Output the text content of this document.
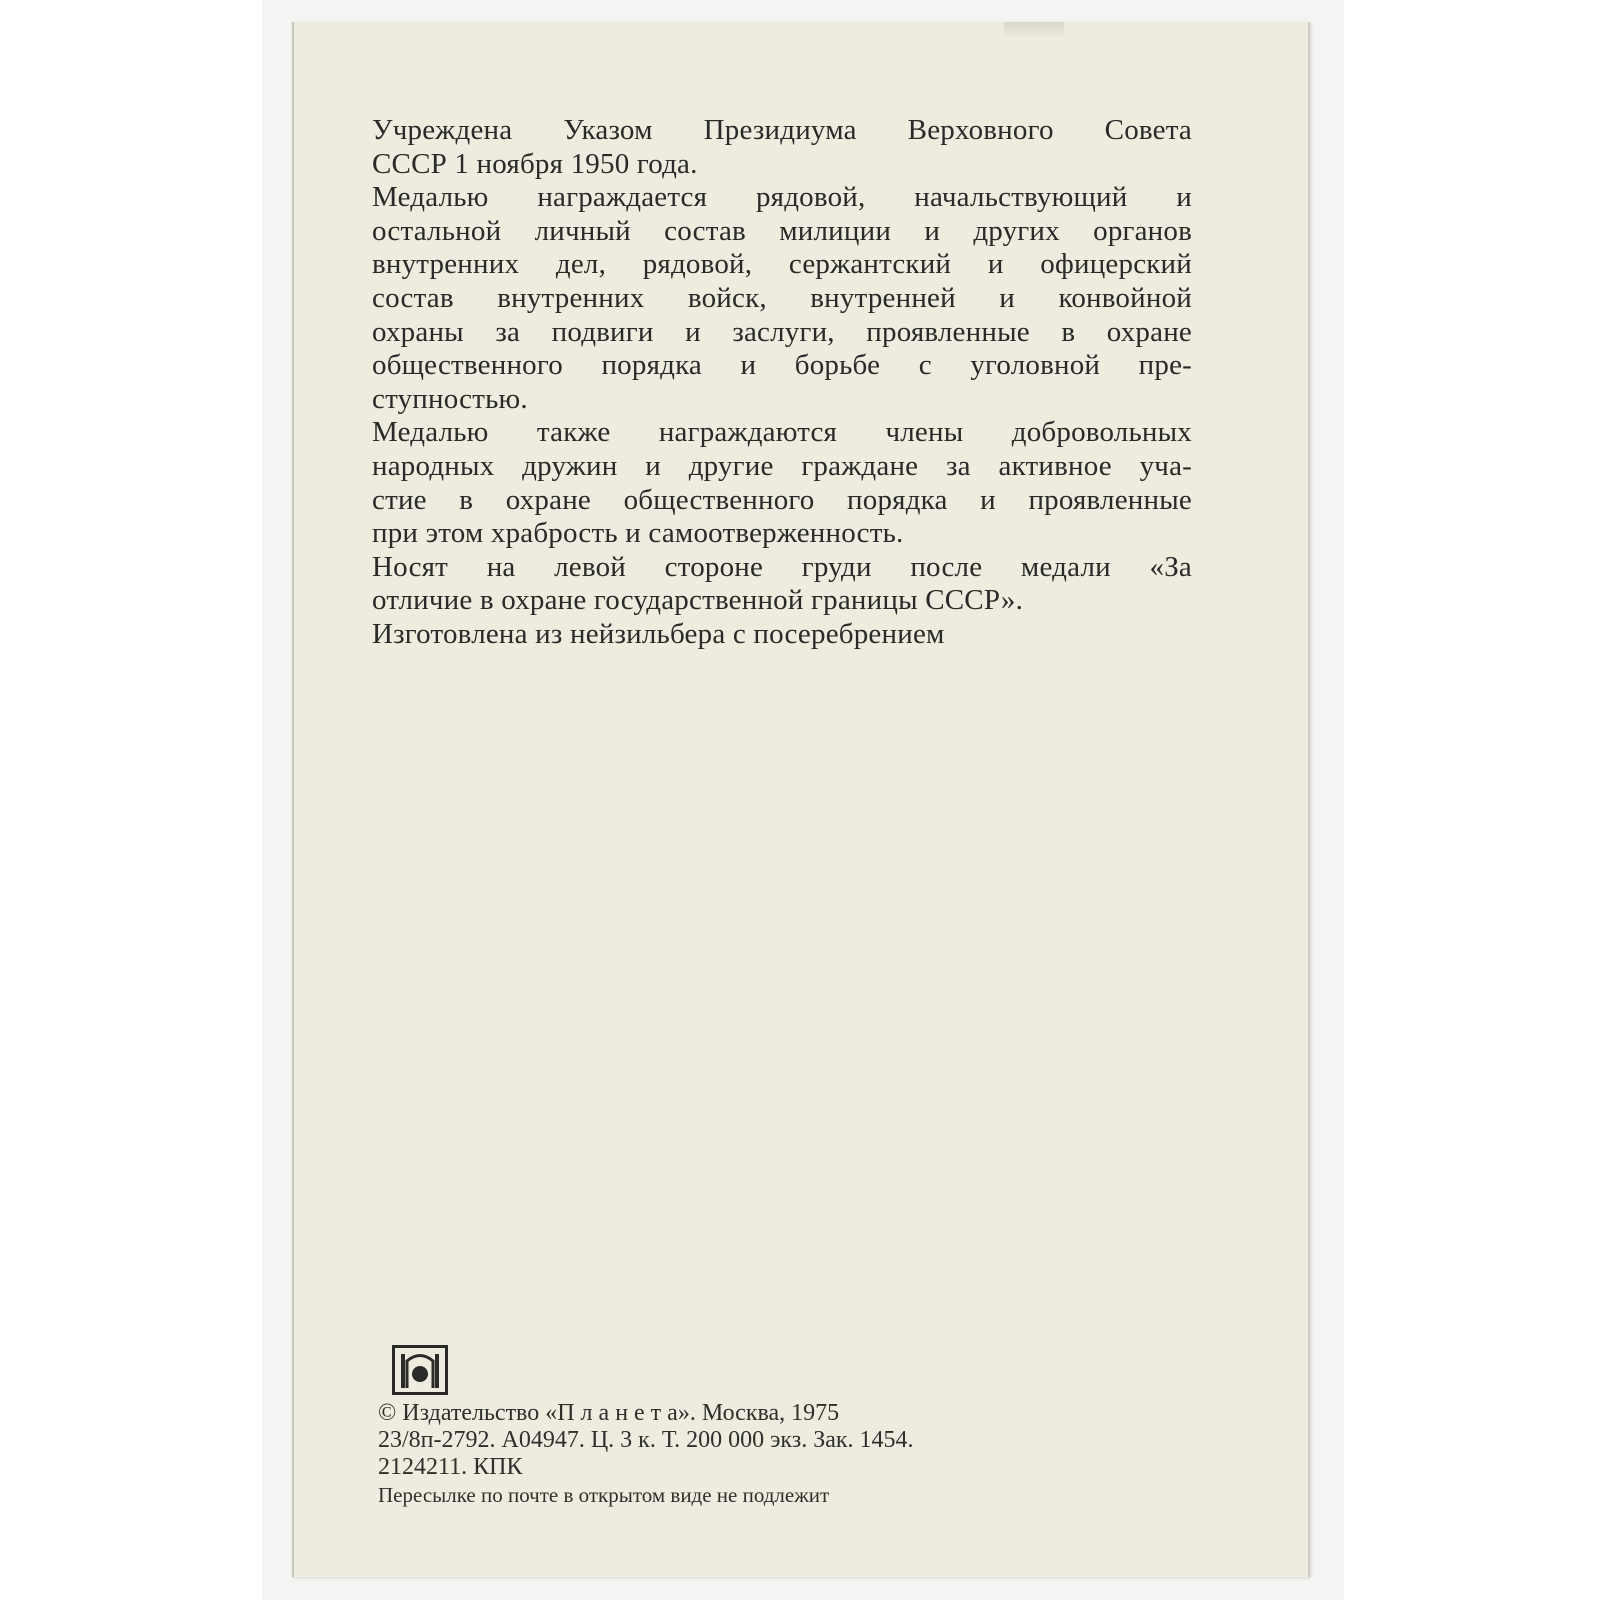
Учреждена Указом Президиума Верховного Совета
СССР 1 ноября 1950 года.
Медалью награждается рядовой, начальствующий и
остальной личный состав милиции и других органов
внутренних дел, рядовой, сержантский и офицерский
состав внутренних войск, внутренней и конвойной
охраны за подвиги и заслуги, проявленные в охране
общественного порядка и борьбе с уголовной пре-
ступностью.
Медалью также награждаются члены добровольных
народных дружин и другие граждане за активное уча-
стие в охране общественного порядка и проявленные
при этом храбрость и самоотверженность.
Носят на левой стороне груди после медали «За
отличие в охране государственной границы СССР».
Изготовлена из нейзильбера с посеребрением
© Издательство «П л а н е т а». Москва, 1975
23/8п-2792. А04947. Ц. 3 к. Т. 200 000 экз. Зак. 1454.
2124211. КПК
Пересылке по почте в открытом виде не подлежит
